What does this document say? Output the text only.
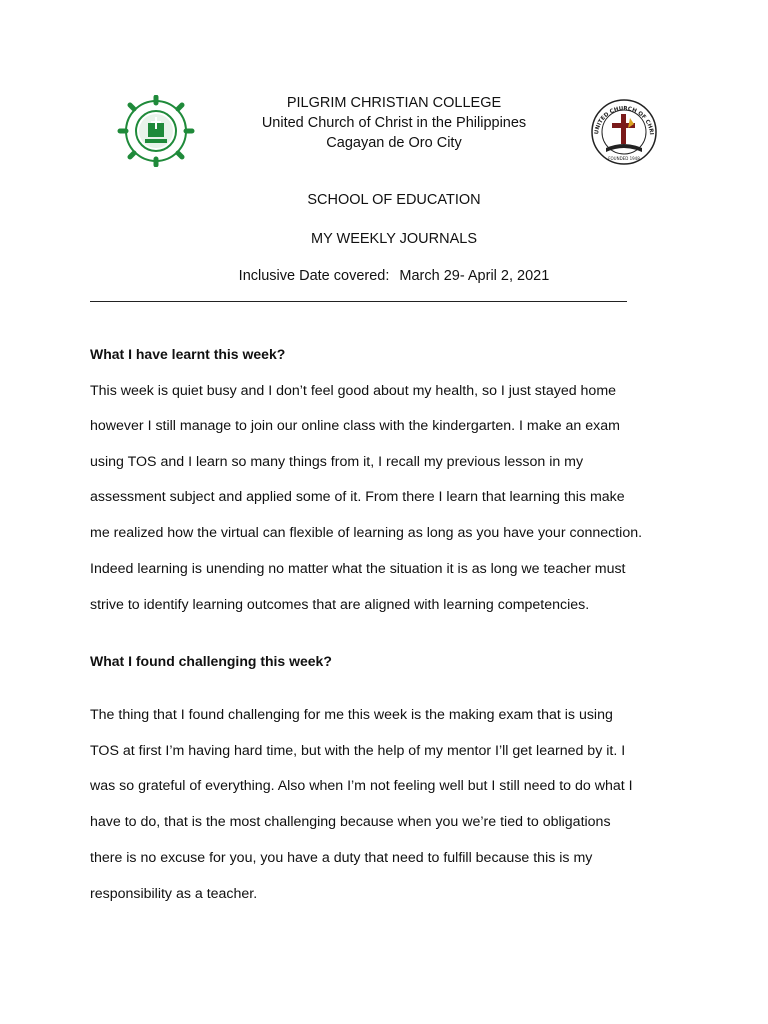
UNITED CHURCH OF CHRI
FOUNDED 1948
PILGRIM CHRISTIAN COLLEGE
United Church of Christ in the Philippines
Cagayan de Oro City
SCHOOL OF EDUCATION
MY WEEKLY JOURNALS
Inclusive Date covered: March 29- April 2, 2021
What I have learnt this week?
This week is quiet busy and I don’t feel good about my health, so I just stayed home
however I still manage to join our online class with the kindergarten. I make an exam
using TOS and I learn so many things from it, I recall my previous lesson in my
assessment subject and applied some of it. From there I learn that learning this make
me realized how the virtual can flexible of learning as long as you have your connection.
Indeed learning is unending no matter what the situation it is as long we teacher must
strive to identify learning outcomes that are aligned with learning competencies.
What I found challenging this week?
The thing that I found challenging for me this week is the making exam that is using
TOS at first I’m having hard time, but with the help of my mentor I’ll get learned by it. I
was so grateful of everything. Also when I’m not feeling well but I still need to do what I
have to do, that is the most challenging because when you we’re tied to obligations
there is no excuse for you, you have a duty that need to fulfill because this is my
responsibility as a teacher.
